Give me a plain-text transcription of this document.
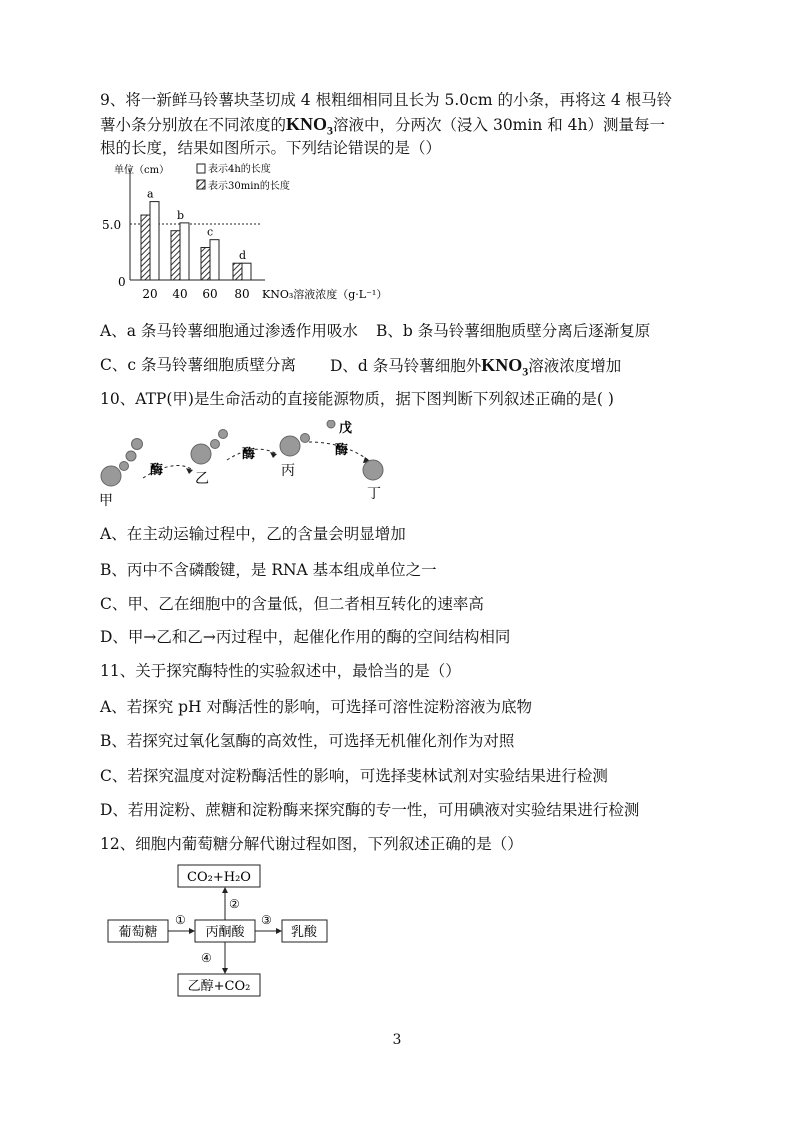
9、将一新鲜马铃薯块茎切成 4 根粗细相同且长为 5.0cm 的小条，再将这 4 根马铃
薯小条分别放在不同浓度的$KNO_3$溶液中，分两次（浸入 30min 和 4h）测量每一
根的长度，结果如图所示。下列结论错误的是（）
5.0
0
单位（cm）	表示4h的长度
表示30min的长度
a
20
b
40
c
60
d
80 KNO₃溶液浓度（g·L⁻¹）
A、a 条马铃薯细胞通过渗透作用吸水 B、b 条马铃薯细胞质壁分离后逐渐复原
C、c 条马铃薯细胞质壁分离 D、d 条马铃薯细胞外$KNO_3$溶液浓度增加
10、ATP(甲)是生命活动的直接能源物质，据下图判断下列叙述正确的是( )
甲
酶
乙
酶
丙
戊
酶
丁
A、在主动运输过程中，乙的含量会明显增加
B、丙中不含磷酸键，是 RNA 基本组成单位之一
C、甲、乙在细胞中的含量低，但二者相互转化的速率高
D、甲→乙和乙→丙过程中，起催化作用的酶的空间结构相同
11、关于探究酶特性的实验叙述中，最恰当的是（）
A、若探究 pH 对酶活性的影响，可选择可溶性淀粉溶液为底物
B、若探究过氧化氢酶的高效性，可选择无机催化剂作为对照
C、若探究温度对淀粉酶活性的影响，可选择斐林试剂对实验结果进行检测
D、若用淀粉、蔗糖和淀粉酶来探究酶的专一性，可用碘液对实验结果进行检测
12、细胞内葡萄糖分解代谢过程如图，下列叙述正确的是（）
CO₂+H₂O
葡萄糖	丙酮酸	乳酸
乙醇+CO₂
①
②
③
④
3
